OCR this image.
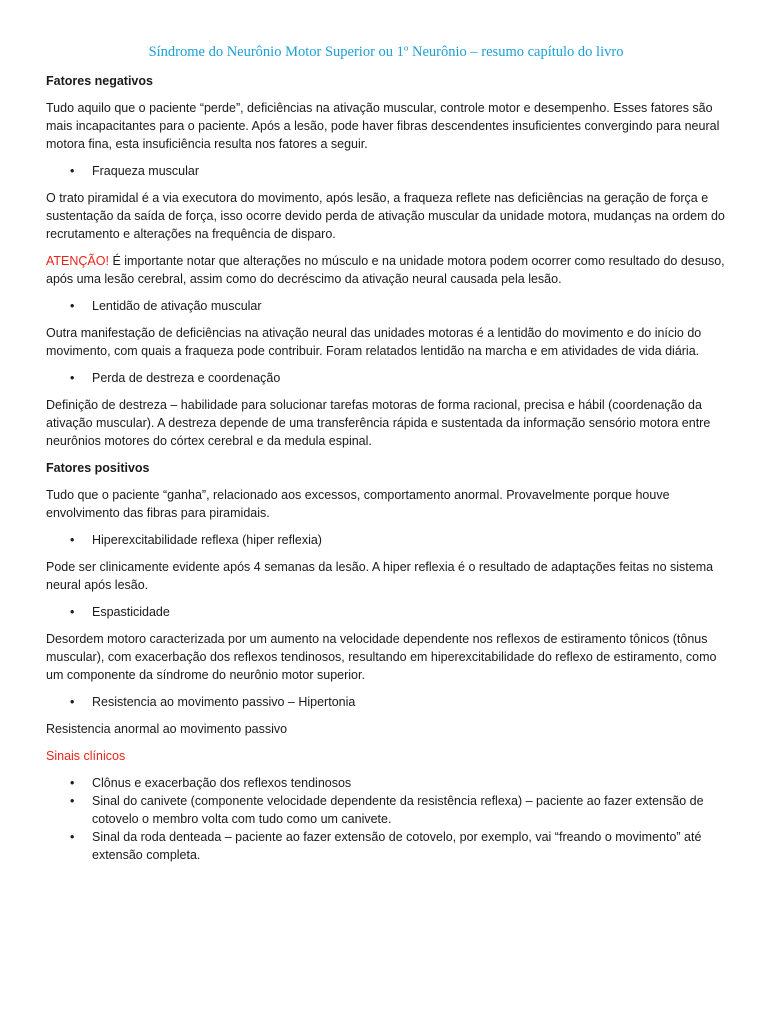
Síndrome do Neurônio Motor Superior ou 1º Neurônio – resumo capítulo do livro
Fatores negativos

Tudo aquilo que o paciente “perde”, deficiências na ativação muscular, controle motor e desempenho. Esses fatores são mais incapacitantes para o paciente. Após a lesão, pode haver fibras descendentes insuficientes convergindo para neural motora fina, esta insuficiência resulta nos fatores a seguir.

• Fraqueza muscular

O trato piramidal é a via executora do movimento, após lesão, a fraqueza reflete nas deficiências na geração de força e sustentação da saída de força, isso ocorre devido perda de ativação muscular da unidade motora, mudanças na ordem do recrutamento e alterações na frequência de disparo.

ATENÇÃO! É importante notar que alterações no músculo e na unidade motora podem ocorrer como resultado do desuso, após uma lesão cerebral, assim como do decréscimo da ativação neural causada pela lesão.

• Lentidão de ativação muscular

Outra manifestação de deficiências na ativação neural das unidades motoras é a lentidão do movimento e do início do movimento, com quais a fraqueza pode contribuir. Foram relatados lentidão na marcha e em atividades de vida diária.

• Perda de destreza e coordenação

Definição de destreza – habilidade para solucionar tarefas motoras de forma racional, precisa e hábil (coordenação da ativação muscular). A destreza depende de uma transferência rápida e sustentada da informação sensório motora entre neurônios motores do córtex cerebral e da medula espinal.

Fatores positivos

Tudo que o paciente “ganha”, relacionado aos excessos, comportamento anormal. Provavelmente porque houve envolvimento das fibras para piramidais.

• Hiperexcitabilidade reflexa (hiper reflexia)

Pode ser clinicamente evidente após 4 semanas da lesão. A hiper reflexia é o resultado de adaptações feitas no sistema neural após lesão.

• Espasticidade

Desordem motoro caracterizada por um aumento na velocidade dependente nos reflexos de estiramento tônicos (tônus muscular), com exacerbação dos reflexos tendinosos, resultando em hiperexcitabilidade do reflexo de estiramento, como um componente da síndrome do neurônio motor superior.

• Resistencia ao movimento passivo – Hipertonia

Resistencia anormal ao movimento passivo

Sinais clínicos
• Clônus e exacerbação dos reflexos tendinosos
• Sinal do canivete (componente velocidade dependente da resistência reflexa) – paciente ao fazer extensão de cotovelo o membro volta com tudo como um canivete.
• Sinal da roda denteada – paciente ao fazer extensão de cotovelo, por exemplo, vai “freando o movimento” até extensão completa.
